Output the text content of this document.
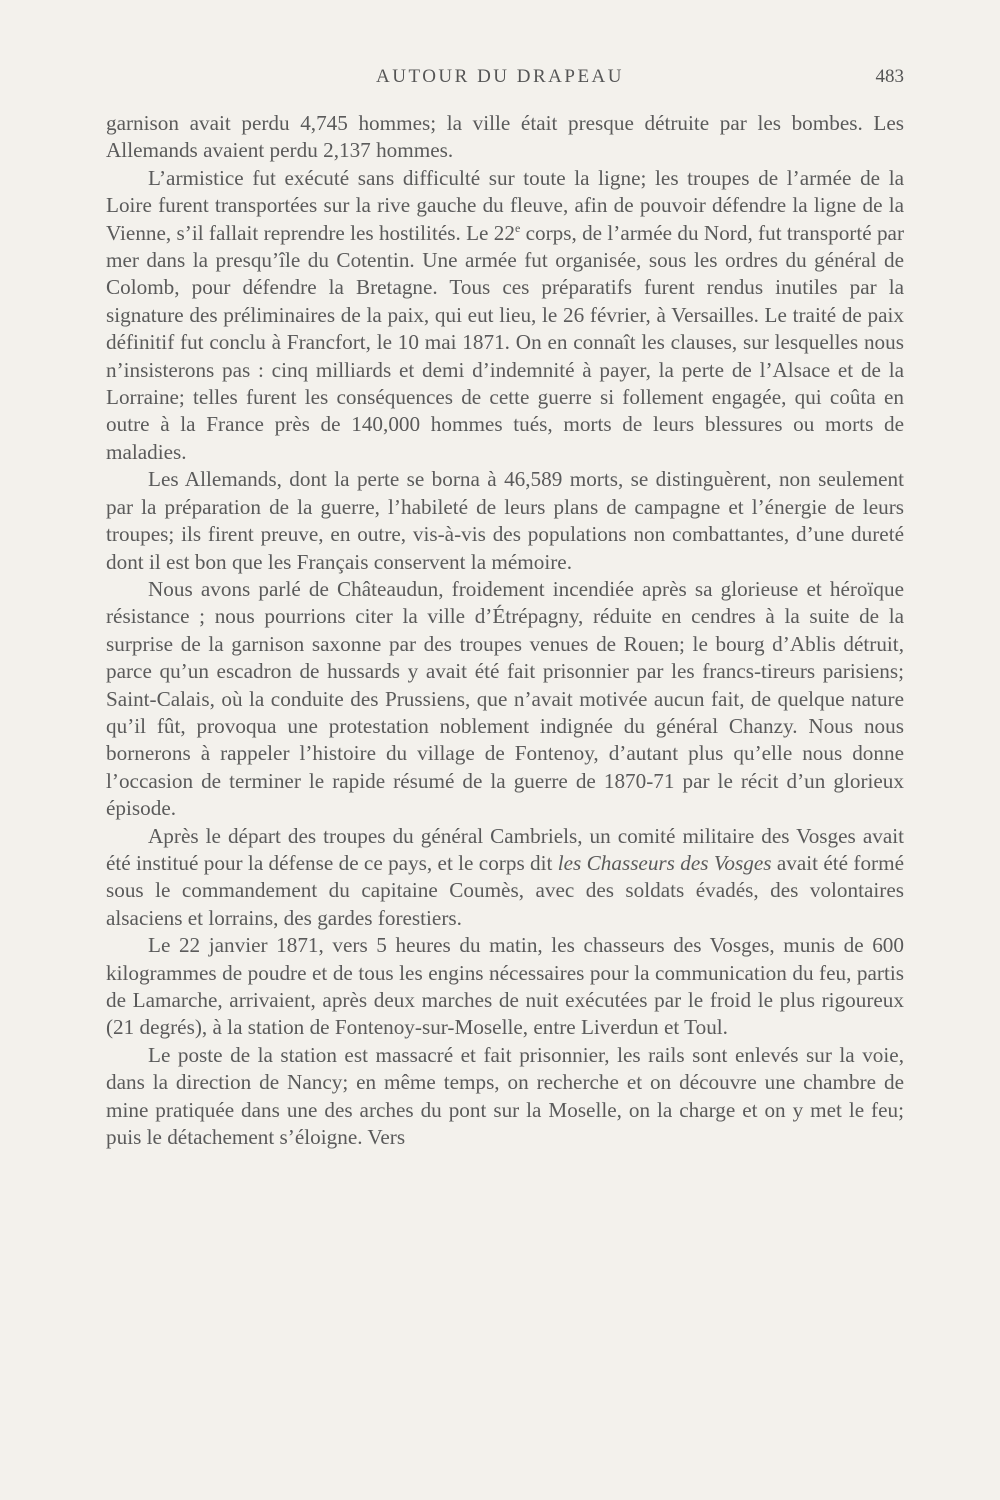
AUTOUR DU DRAPEAU	483

garnison avait perdu 4,745 hommes; la ville était presque détruite par les bombes. Les Allemands avaient perdu 2,137 hommes.

L’armistice fut exécuté sans difficulté sur toute la ligne; les troupes de l’armée de la Loire furent transportées sur la rive gauche du fleuve, afin de pouvoir défendre la ligne de la Vienne, s’il fallait reprendre les hostilités. Le 22e corps, de l’armée du Nord, fut transporté par mer dans la presqu’île du Cotentin. Une armée fut organisée, sous les ordres du général de Colomb, pour défendre la Bretagne. Tous ces préparatifs furent rendus inutiles par la signature des préliminaires de la paix, qui eut lieu, le 26 février, à Versailles. Le traité de paix définitif fut conclu à Francfort, le 10 mai 1871. On en connaît les clauses, sur lesquelles nous n’insisterons pas : cinq milliards et demi d’indemnité à payer, la perte de l’Alsace et de la Lorraine; telles furent les conséquences de cette guerre si follement engagée, qui coûta en outre à la France près de 140,000 hommes tués, morts de leurs blessures ou morts de maladies.

Les Allemands, dont la perte se borna à 46,589 morts, se distinguèrent, non seulement par la préparation de la guerre, l’habileté de leurs plans de campagne et l’énergie de leurs troupes; ils firent preuve, en outre, vis-à-vis des populations non combattantes, d’une dureté dont il est bon que les Français conservent la mémoire.

Nous avons parlé de Châteaudun, froidement incendiée après sa glorieuse et héroïque résistance ; nous pourrions citer la ville d’Étrépagny, réduite en cendres à la suite de la surprise de la garnison saxonne par des troupes venues de Rouen; le bourg d’Ablis détruit, parce qu’un escadron de hussards y avait été fait prisonnier par les francs-tireurs parisiens; Saint-Calais, où la conduite des Prussiens, que n’avait motivée aucun fait, de quelque nature qu’il fût, provoqua une protestation noblement indignée du général Chanzy. Nous nous bornerons à rappeler l’histoire du village de Fontenoy, d’autant plus qu’elle nous donne l’occasion de terminer le rapide résumé de la guerre de 1870-71 par le récit d’un glorieux épisode.

Après le départ des troupes du général Cambriels, un comité militaire des Vosges avait été institué pour la défense de ce pays, et le corps dit les Chasseurs des Vosges avait été formé sous le commandement du capitaine Coumès, avec des soldats évadés, des volontaires alsaciens et lorrains, des gardes forestiers.

Le 22 janvier 1871, vers 5 heures du matin, les chasseurs des Vosges, munis de 600 kilogrammes de poudre et de tous les engins nécessaires pour la communication du feu, partis de Lamarche, arrivaient, après deux marches de nuit exécutées par le froid le plus rigoureux (21 degrés), à la station de Fontenoy-sur-Moselle, entre Liverdun et Toul.

Le poste de la station est massacré et fait prisonnier, les rails sont enlevés sur la voie, dans la direction de Nancy; en même temps, on recherche et on découvre une chambre de mine pratiquée dans une des arches du pont sur la Moselle, on la charge et on y met le feu; puis le détachement s’éloigne. Vers
